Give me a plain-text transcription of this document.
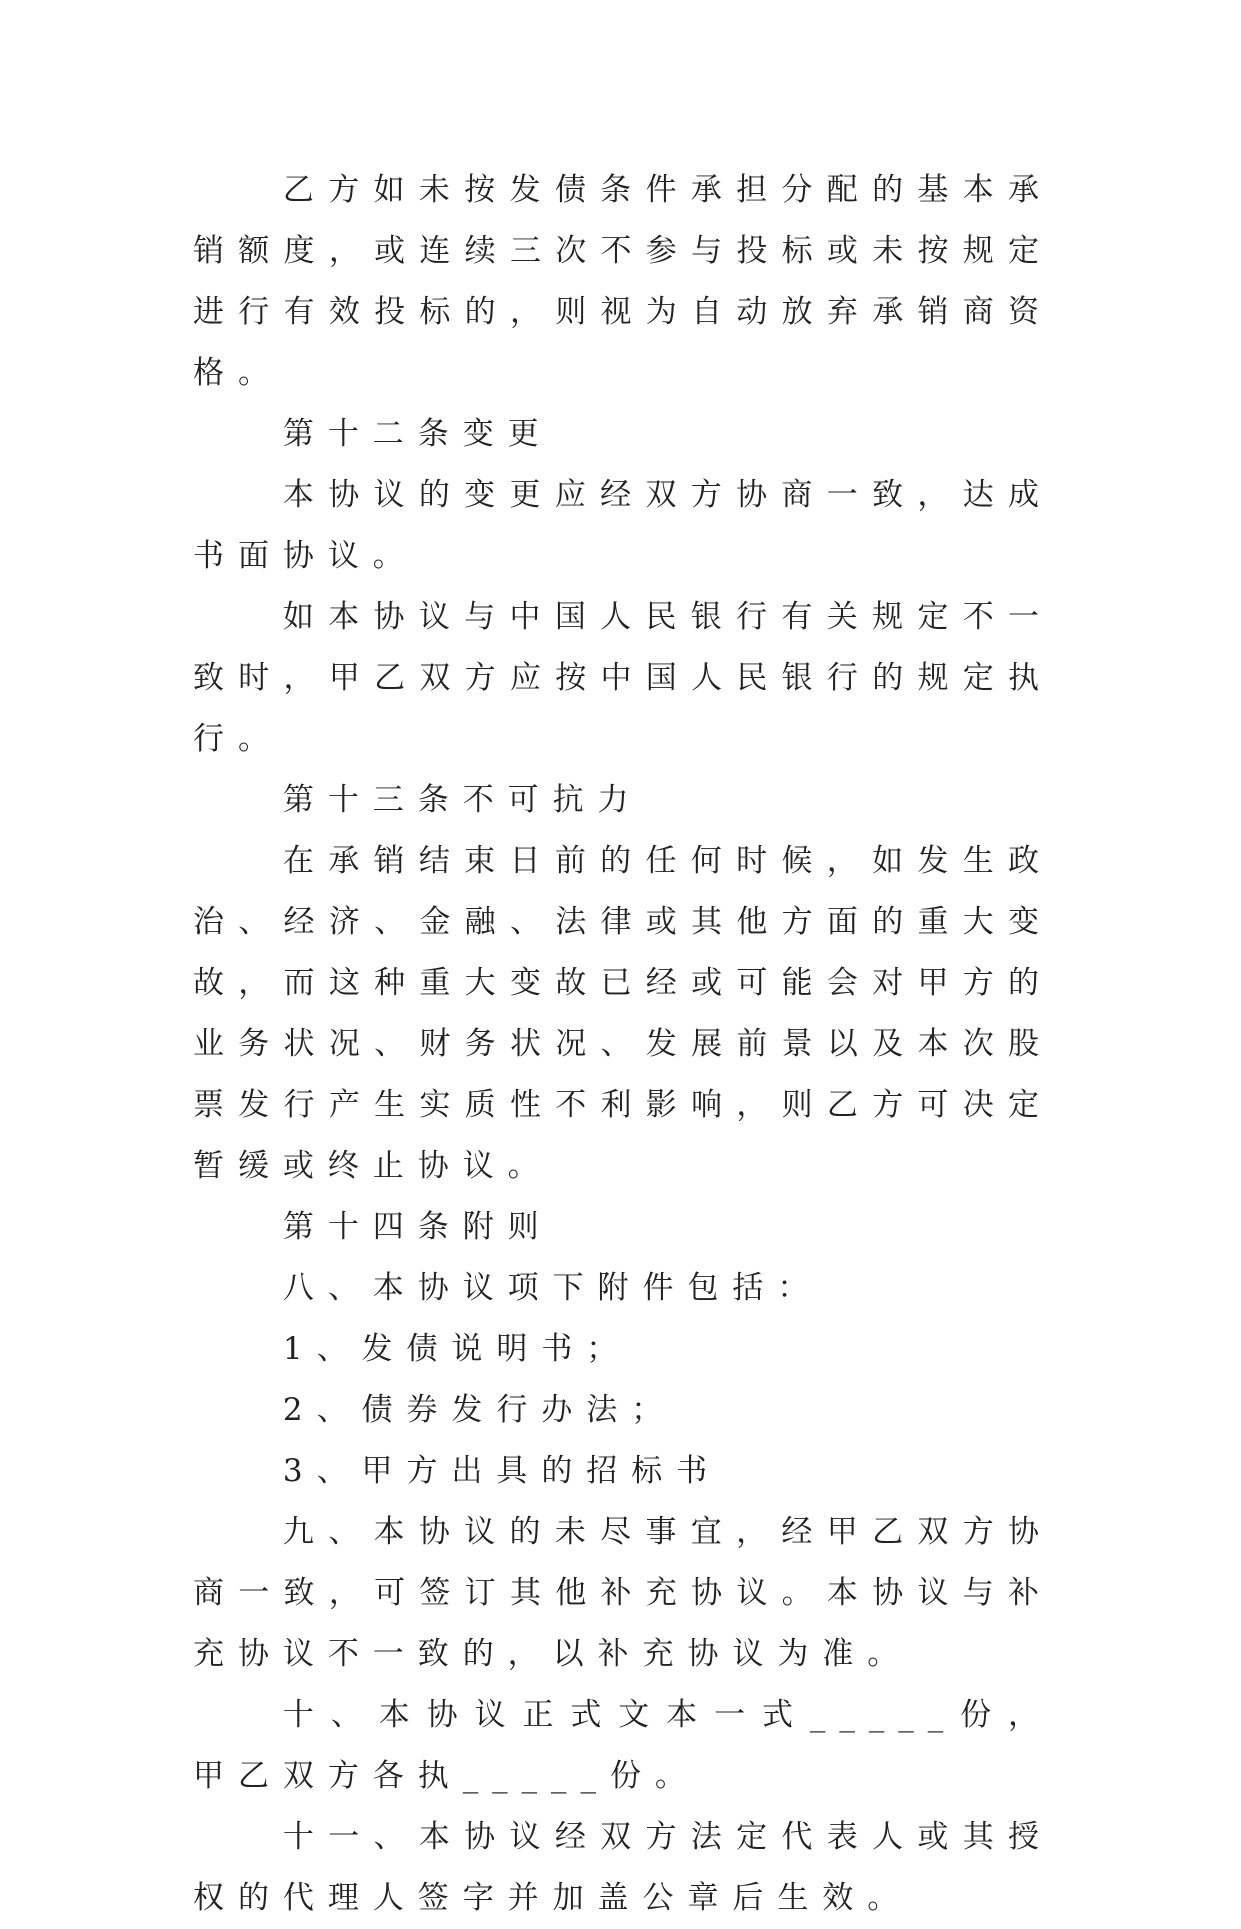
乙方如未按发债条件承担分配的基本承销额度，或连续三次不参与投标或未按规定进行有效投标的，则视为自动放弃承销商资格。

第十二条变更

本协议的变更应经双方协商一致，达成书面协议。

如本协议与中国人民银行有关规定不一致时，甲乙双方应按中国人民银行的规定执行。

第十三条不可抗力

在承销结束日前的任何时候，如发生政治、经济、金融、法律或其他方面的重大变故，而这种重大变故已经或可能会对甲方的业务状况、财务状况、发展前景以及本次股票发行产生实质性不利影响，则乙方可决定暂缓或终止协议。

第十四条附则

八、本协议项下附件包括：

1、发债说明书；

2、债券发行办法；

3、甲方出具的招标书

九、本协议的未尽事宜，经甲乙双方协商一致，可签订其他补充协议。本协议与补充协议不一致的，以补充协议为准。

十、本协议正式文本一式_____份，甲乙双方各执_____份。

十一、本协议经双方法定代表人或其授权的代理人签字并加盖公章后生效。
